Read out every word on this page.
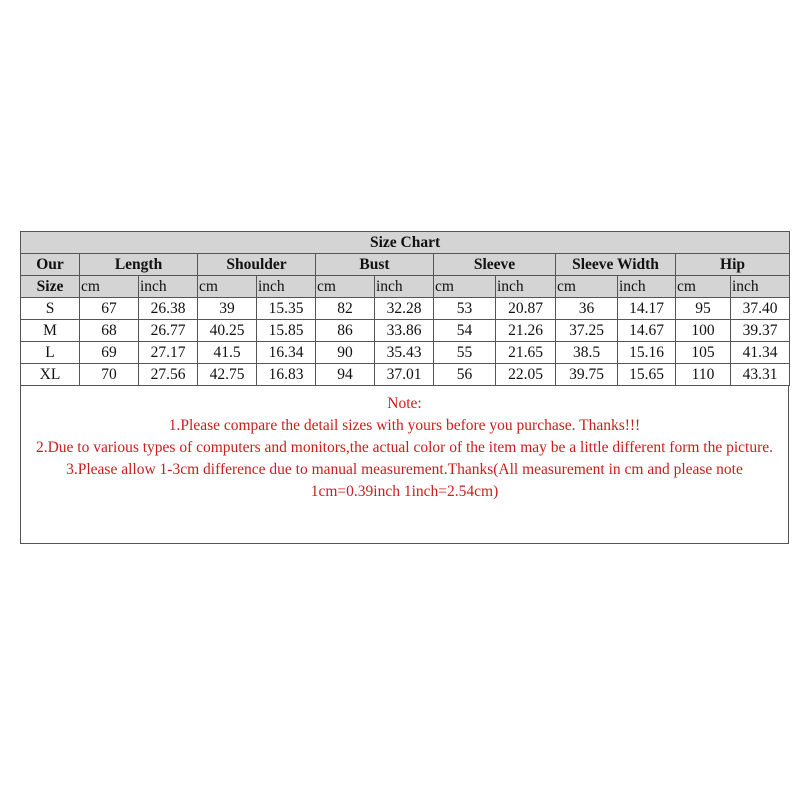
Size Chart												
Our	Length		Shoulder		Bust		Sleeve		Sleeve Width		Hip	
Size	cm	inch	cm	inch	cm	inch	cm	inch	cm	inch	cm	inch
S	67	26.38	39	15.35	82	32.28	53	20.87	36	14.17	95	37.40
M	68	26.77	40.25	15.85	86	33.86	54	21.26	37.25	14.67	100	39.37
L	69	27.17	41.5	16.34	90	35.43	55	21.65	38.5	15.16	105	41.34
XL	70	27.56	42.75	16.83	94	37.01	56	22.05	39.75	15.65	110	43.31
Note:
1.Please compare the detail sizes with yours before you purchase. Thanks!!!
2.Due to various types of computers and monitors,the actual color of the item may be a little different form the picture.
3.Please allow 1-3cm difference due to manual measurement.Thanks(All measurement in cm and please note 1cm=0.39inch 1inch=2.54cm)
